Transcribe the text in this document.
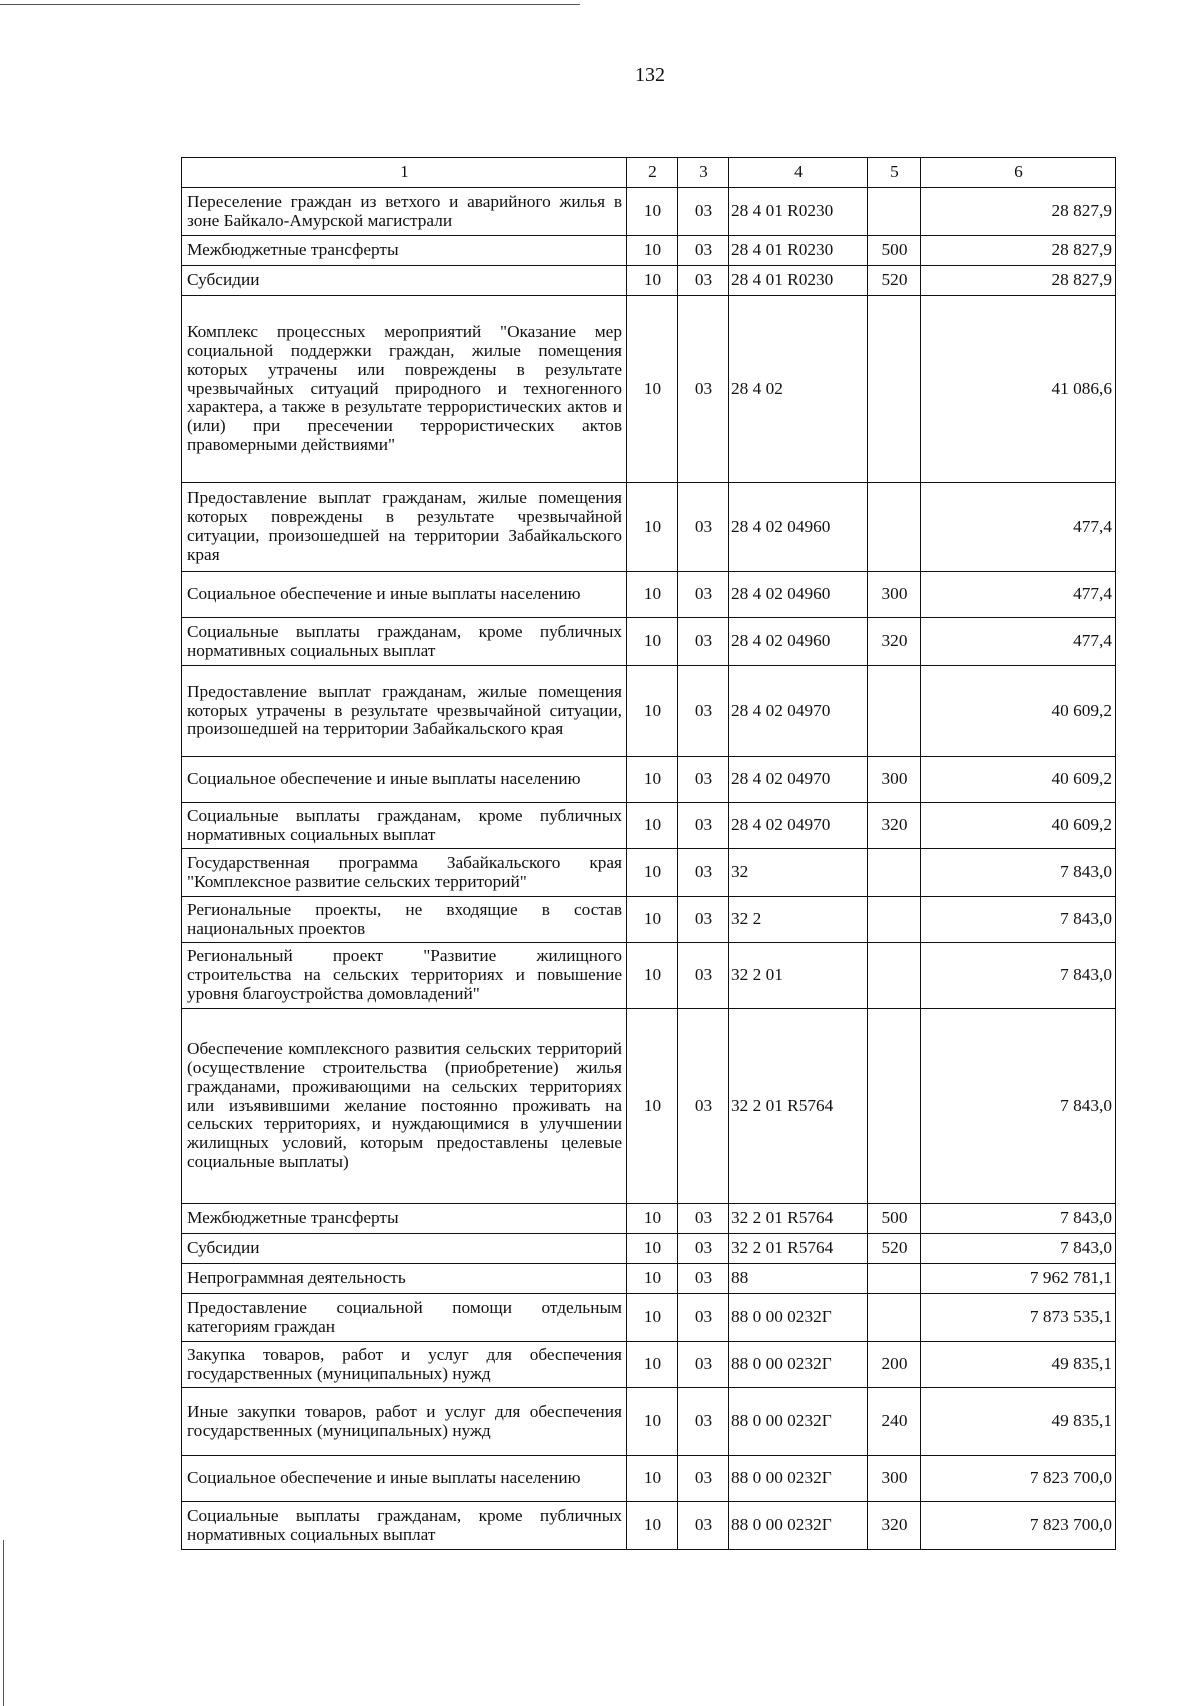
132
1	2	3	4	5	6
Переселение граждан из ветхого и аварийного жилья в зоне Байкало-Амурской магистрали	10	03	28 4 01 R0230		28 827,9
Межбюджетные трансферты	10	03	28 4 01 R0230	500	28 827,9
Субсидии	10	03	28 4 01 R0230	520	28 827,9
Комплекс процессных мероприятий "Оказание мер социальной поддержки граждан, жилые помещения которых утрачены или повреждены в результате чрезвычайных ситуаций природного и техногенного характера, а также в результате террористических актов и (или) при пресечении террористических актов правомерными действиями"	10	03	28 4 02		41 086,6
Предоставление выплат гражданам, жилые помещения которых повреждены в результате чрезвычайной ситуации, произошедшей на территории Забайкальского края	10	03	28 4 02 04960		477,4
Социальное обеспечение и иные выплаты населению	10	03	28 4 02 04960	300	477,4
Социальные выплаты гражданам, кроме публичных нормативных социальных выплат	10	03	28 4 02 04960	320	477,4
Предоставление выплат гражданам, жилые помещения которых утрачены в результате чрезвычайной ситуации, произошедшей на территории Забайкальского края	10	03	28 4 02 04970		40 609,2
Социальное обеспечение и иные выплаты населению	10	03	28 4 02 04970	300	40 609,2
Социальные выплаты гражданам, кроме публичных нормативных социальных выплат	10	03	28 4 02 04970	320	40 609,2
Государственная программа Забайкальского края "Комплексное развитие сельских территорий"	10	03	32		7 843,0
Региональные проекты, не входящие в состав национальных проектов	10	03	32 2		7 843,0
Региональный проект "Развитие жилищного строительства на сельских территориях и повышение уровня благоустройства домовладений"	10	03	32 2 01		7 843,0
Обеспечение комплексного развития сельских территорий (осуществление строительства (приобретение) жилья гражданами, проживающими на сельских территориях или изъявившими желание постоянно проживать на сельских территориях, и нуждающимися в улучшении жилищных условий, которым предоставлены целевые социальные выплаты)	10	03	32 2 01 R5764		7 843,0
Межбюджетные трансферты	10	03	32 2 01 R5764	500	7 843,0
Субсидии	10	03	32 2 01 R5764	520	7 843,0
Непрограммная деятельность	10	03	88		7 962 781,1
Предоставление социальной помощи отдельным категориям граждан	10	03	88 0 00 0232Г		7 873 535,1
Закупка товаров, работ и услуг для обеспечения государственных (муниципальных) нужд	10	03	88 0 00 0232Г	200	49 835,1
Иные закупки товаров, работ и услуг для обеспечения государственных (муниципальных) нужд	10	03	88 0 00 0232Г	240	49 835,1
Социальное обеспечение и иные выплаты населению	10	03	88 0 00 0232Г	300	7 823 700,0
Социальные выплаты гражданам, кроме публичных нормативных социальных выплат	10	03	88 0 00 0232Г	320	7 823 700,0
